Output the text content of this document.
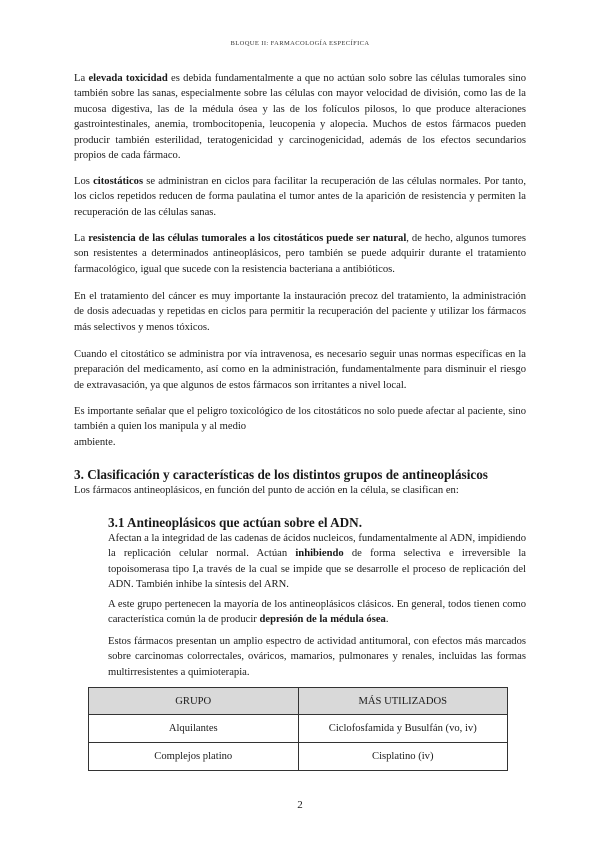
BLOQUE II: FARMACOLOGÍA ESPECÍFICA

La elevada toxicidad es debida fundamentalmente a que no actúan solo sobre las células tumorales sino también sobre las sanas, especialmente sobre las células con mayor velocidad de división, como las de la mucosa digestiva, las de la médula ósea y las de los folículos pilosos, lo que produce alteraciones gastrointestinales, anemia, trombocitopenia, leucopenia y alopecia. Muchos de estos fármacos pueden producir también esterilidad, teratogenicidad y carcinogenicidad, además de los efectos secundarios propios de cada fármaco.

Los citostáticos se administran en ciclos para facilitar la recuperación de las células normales. Por tanto, los ciclos repetidos reducen de forma paulatina el tumor antes de la aparición de resistencia y permiten la recuperación de las células sanas.

La resistencia de las células tumorales a los citostáticos puede ser natural, de hecho, algunos tumores son resistentes a determinados antineoplásicos, pero también se puede adquirir durante el tratamiento farmacológico, igual que sucede con la resistencia bacteriana a antibióticos.

En el tratamiento del cáncer es muy importante la instauración precoz del tratamiento, la administración de dosis adecuadas y repetidas en ciclos para permitir la recuperación del paciente y utilizar los fármacos más selectivos y menos tóxicos.

Cuando el citostático se administra por vía intravenosa, es necesario seguir unas normas específicas en la preparación del medicamento, así como en la administración, fundamentalmente para disminuir el riesgo de extravasación, ya que algunos de estos fármacos son irritantes a nivel local.

Es importante señalar que el peligro toxicológico de los citostáticos no solo puede afectar al paciente, sino también a quien los manipula y al medio
ambiente.

3. Clasificación y características de los distintos grupos de antineoplásicos

Los fármacos antineoplásicos, en función del punto de acción en la célula, se clasifican en:

3.1 Antineoplásicos que actúan sobre el ADN.

Afectan a la integridad de las cadenas de ácidos nucleicos, fundamentalmente al ADN, impidiendo la replicación celular normal. Actúan inhibiendo de forma selectiva e irreversible la topoisomerasa tipo I,a través de la cual se impide que se desarrolle el proceso de replicación del ADN. También inhibe la síntesis del ARN.

A este grupo pertenecen la mayoría de los antineoplásicos clásicos. En general, todos tienen como característica común la de producir depresión de la médula ósea.

Estos fármacos presentan un amplio espectro de actividad antitumoral, con efectos más marcados sobre carcinomas colorrectales, ováricos, mamarios, pulmonares y renales, incluidas las formas multirresistentes a quimioterapia.

GRUPO	MÁS UTILIZADOS
Alquilantes	Ciclofosfamida y Busulfán (vo, iv)
Complejos platino	Cisplatino (iv)
2
